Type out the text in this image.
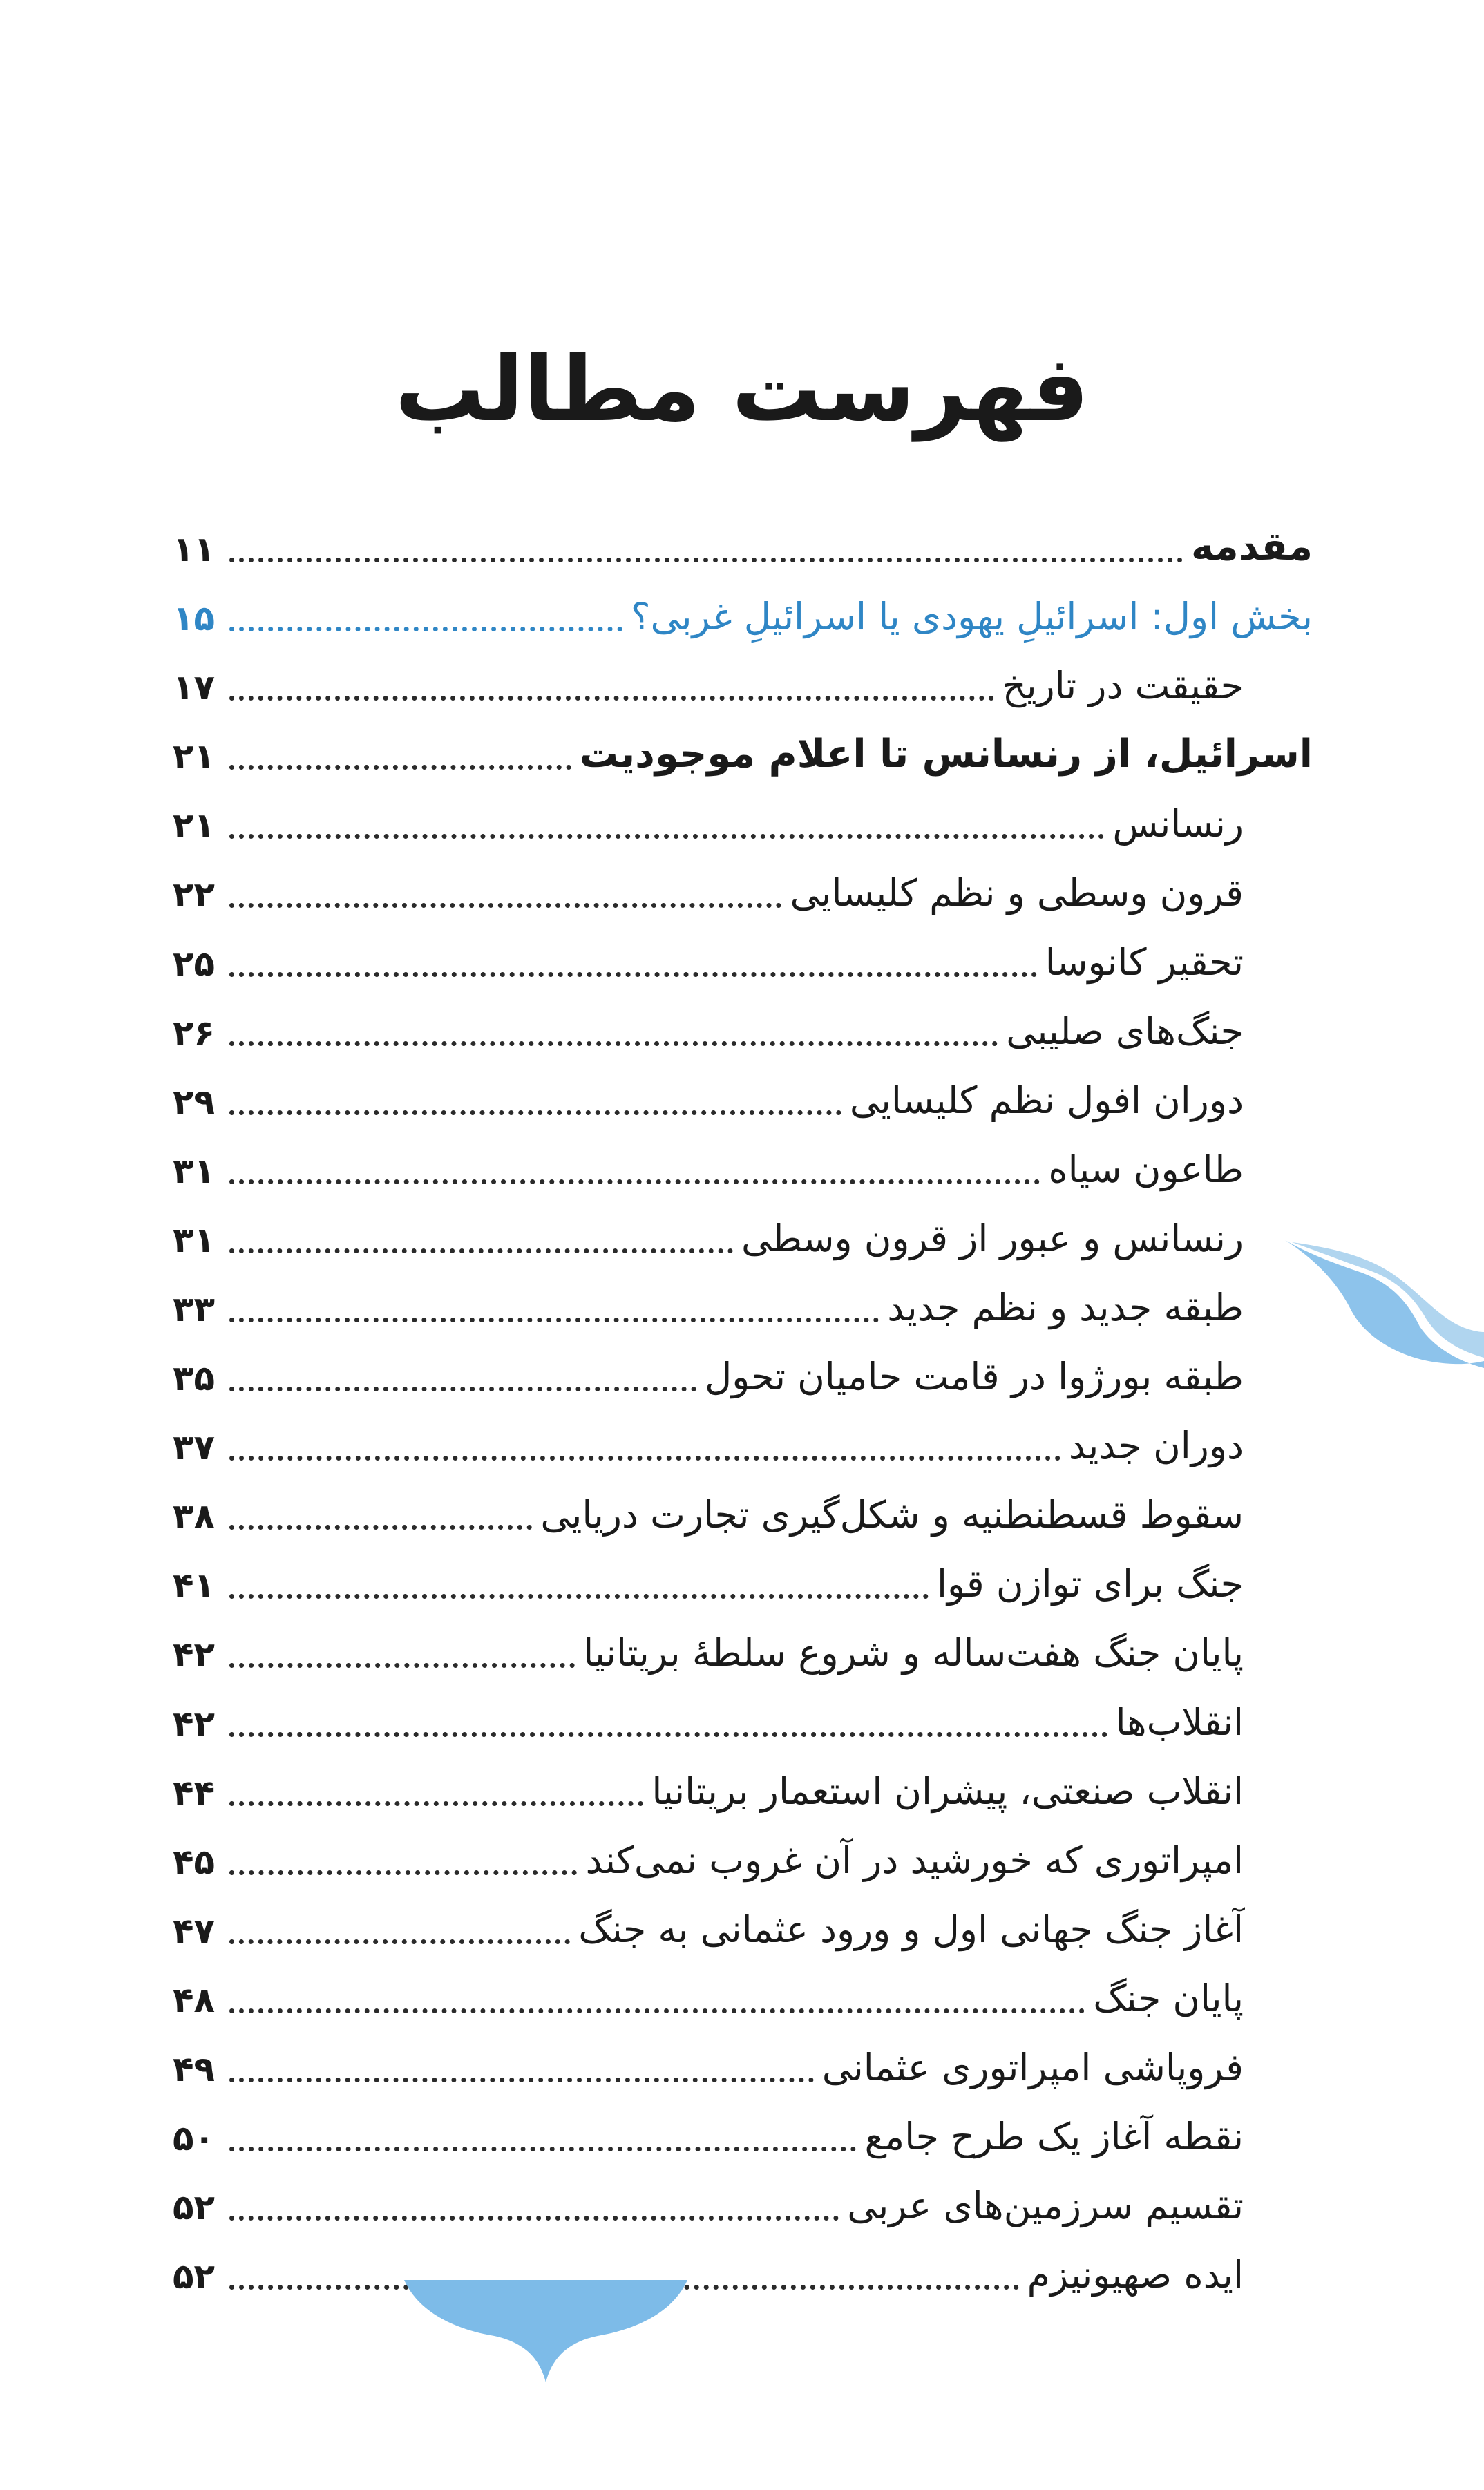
فهرست مطالب
مقدمه
۱۱
بخش اول: اسرائیلِ یهودی یا اسرائیلِ غربی؟
۱۵
حقیقت در تاریخ
۱۷
اسرائیل، از رنسانس تا اعلام موجودیت
۲۱
رنسانس
۲۱
قرون وسطی و نظم کلیسایی
۲۲
تحقیر کانوسا
۲۵
جنگ‌های صلیبی
۲۶
دوران افول نظم کلیسایی
۲۹
طاعون سیاه
۳۱
رنسانس و عبور از قرون وسطی
۳۱
طبقه جدید و نظم جدید
۳۳
طبقه بورژوا در قامت حامیان تحول
۳۵
دوران جدید
۳۷
سقوط قسطنطنیه و شکل‌گیری تجارت دریایی
۳۸
جنگ برای توازن قوا
۴۱
پایان جنگ هفت‌ساله و شروع سلطهٔ بریتانیا
۴۲
انقلاب‌ها
۴۲
انقلاب صنعتی، پیشران استعمار بریتانیا
۴۴
امپراتوری که خورشید در آن غروب نمی‌کند
۴۵
آغاز جنگ جهانی اول و ورود عثمانی به جنگ
۴۷
پایان جنگ
۴۸
فروپاشی امپراتوری عثمانی
۴۹
نقطه آغاز یک طرح جامع
۵۰
تقسیم سرزمین‌های عربی
۵۲
ایده صهیونیزم
۵۲
